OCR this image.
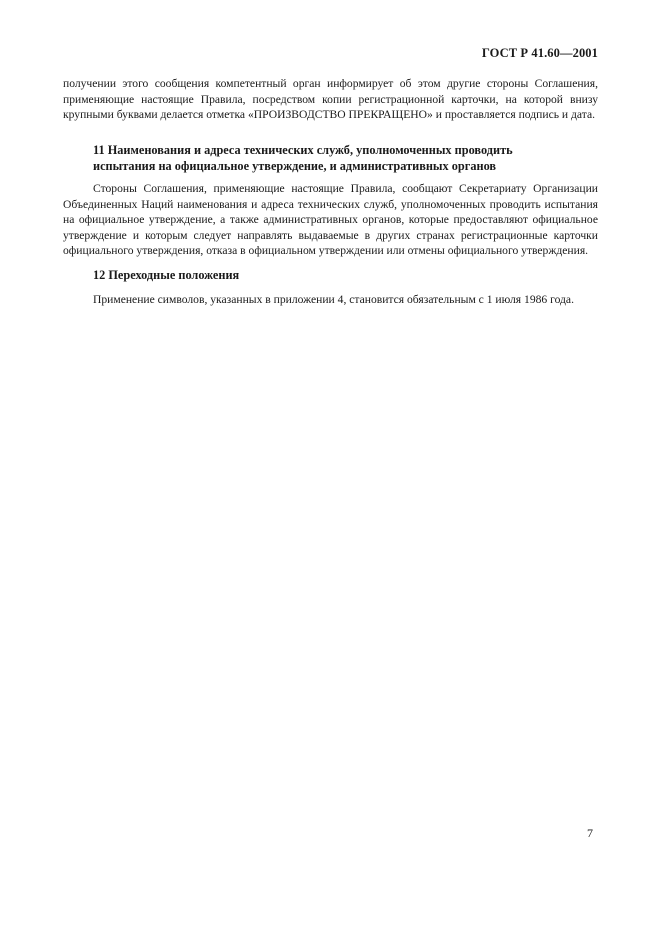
ГОСТ Р 41.60—2001
получении этого сообщения компетентный орган информирует об этом другие стороны Соглашения, применяющие настоящие Правила, посредством копии регистрационной карточки, на которой внизу крупными буквами делается отметка «ПРОИЗВОДСТВО ПРЕКРАЩЕНО» и проставляется подпись и дата.
11 Наименования и адреса технических служб, уполномоченных проводить
испытания на официальное утверждение, и административных органов
Стороны Соглашения, применяющие настоящие Правила, сообщают Секретариату Организации Объединенных Наций наименования и адреса технических служб, уполномоченных проводить испытания на официальное утверждение, а также административных органов, которые предоставляют официальное утверждение и которым следует направлять выдаваемые в других странах регистрационные карточки официального утверждения, отказа в официальном утверждении или отмены официального утверждения.
12 Переходные положения
Применение символов, указанных в приложении 4, становится обязательным с 1 июля 1986 года.
7
